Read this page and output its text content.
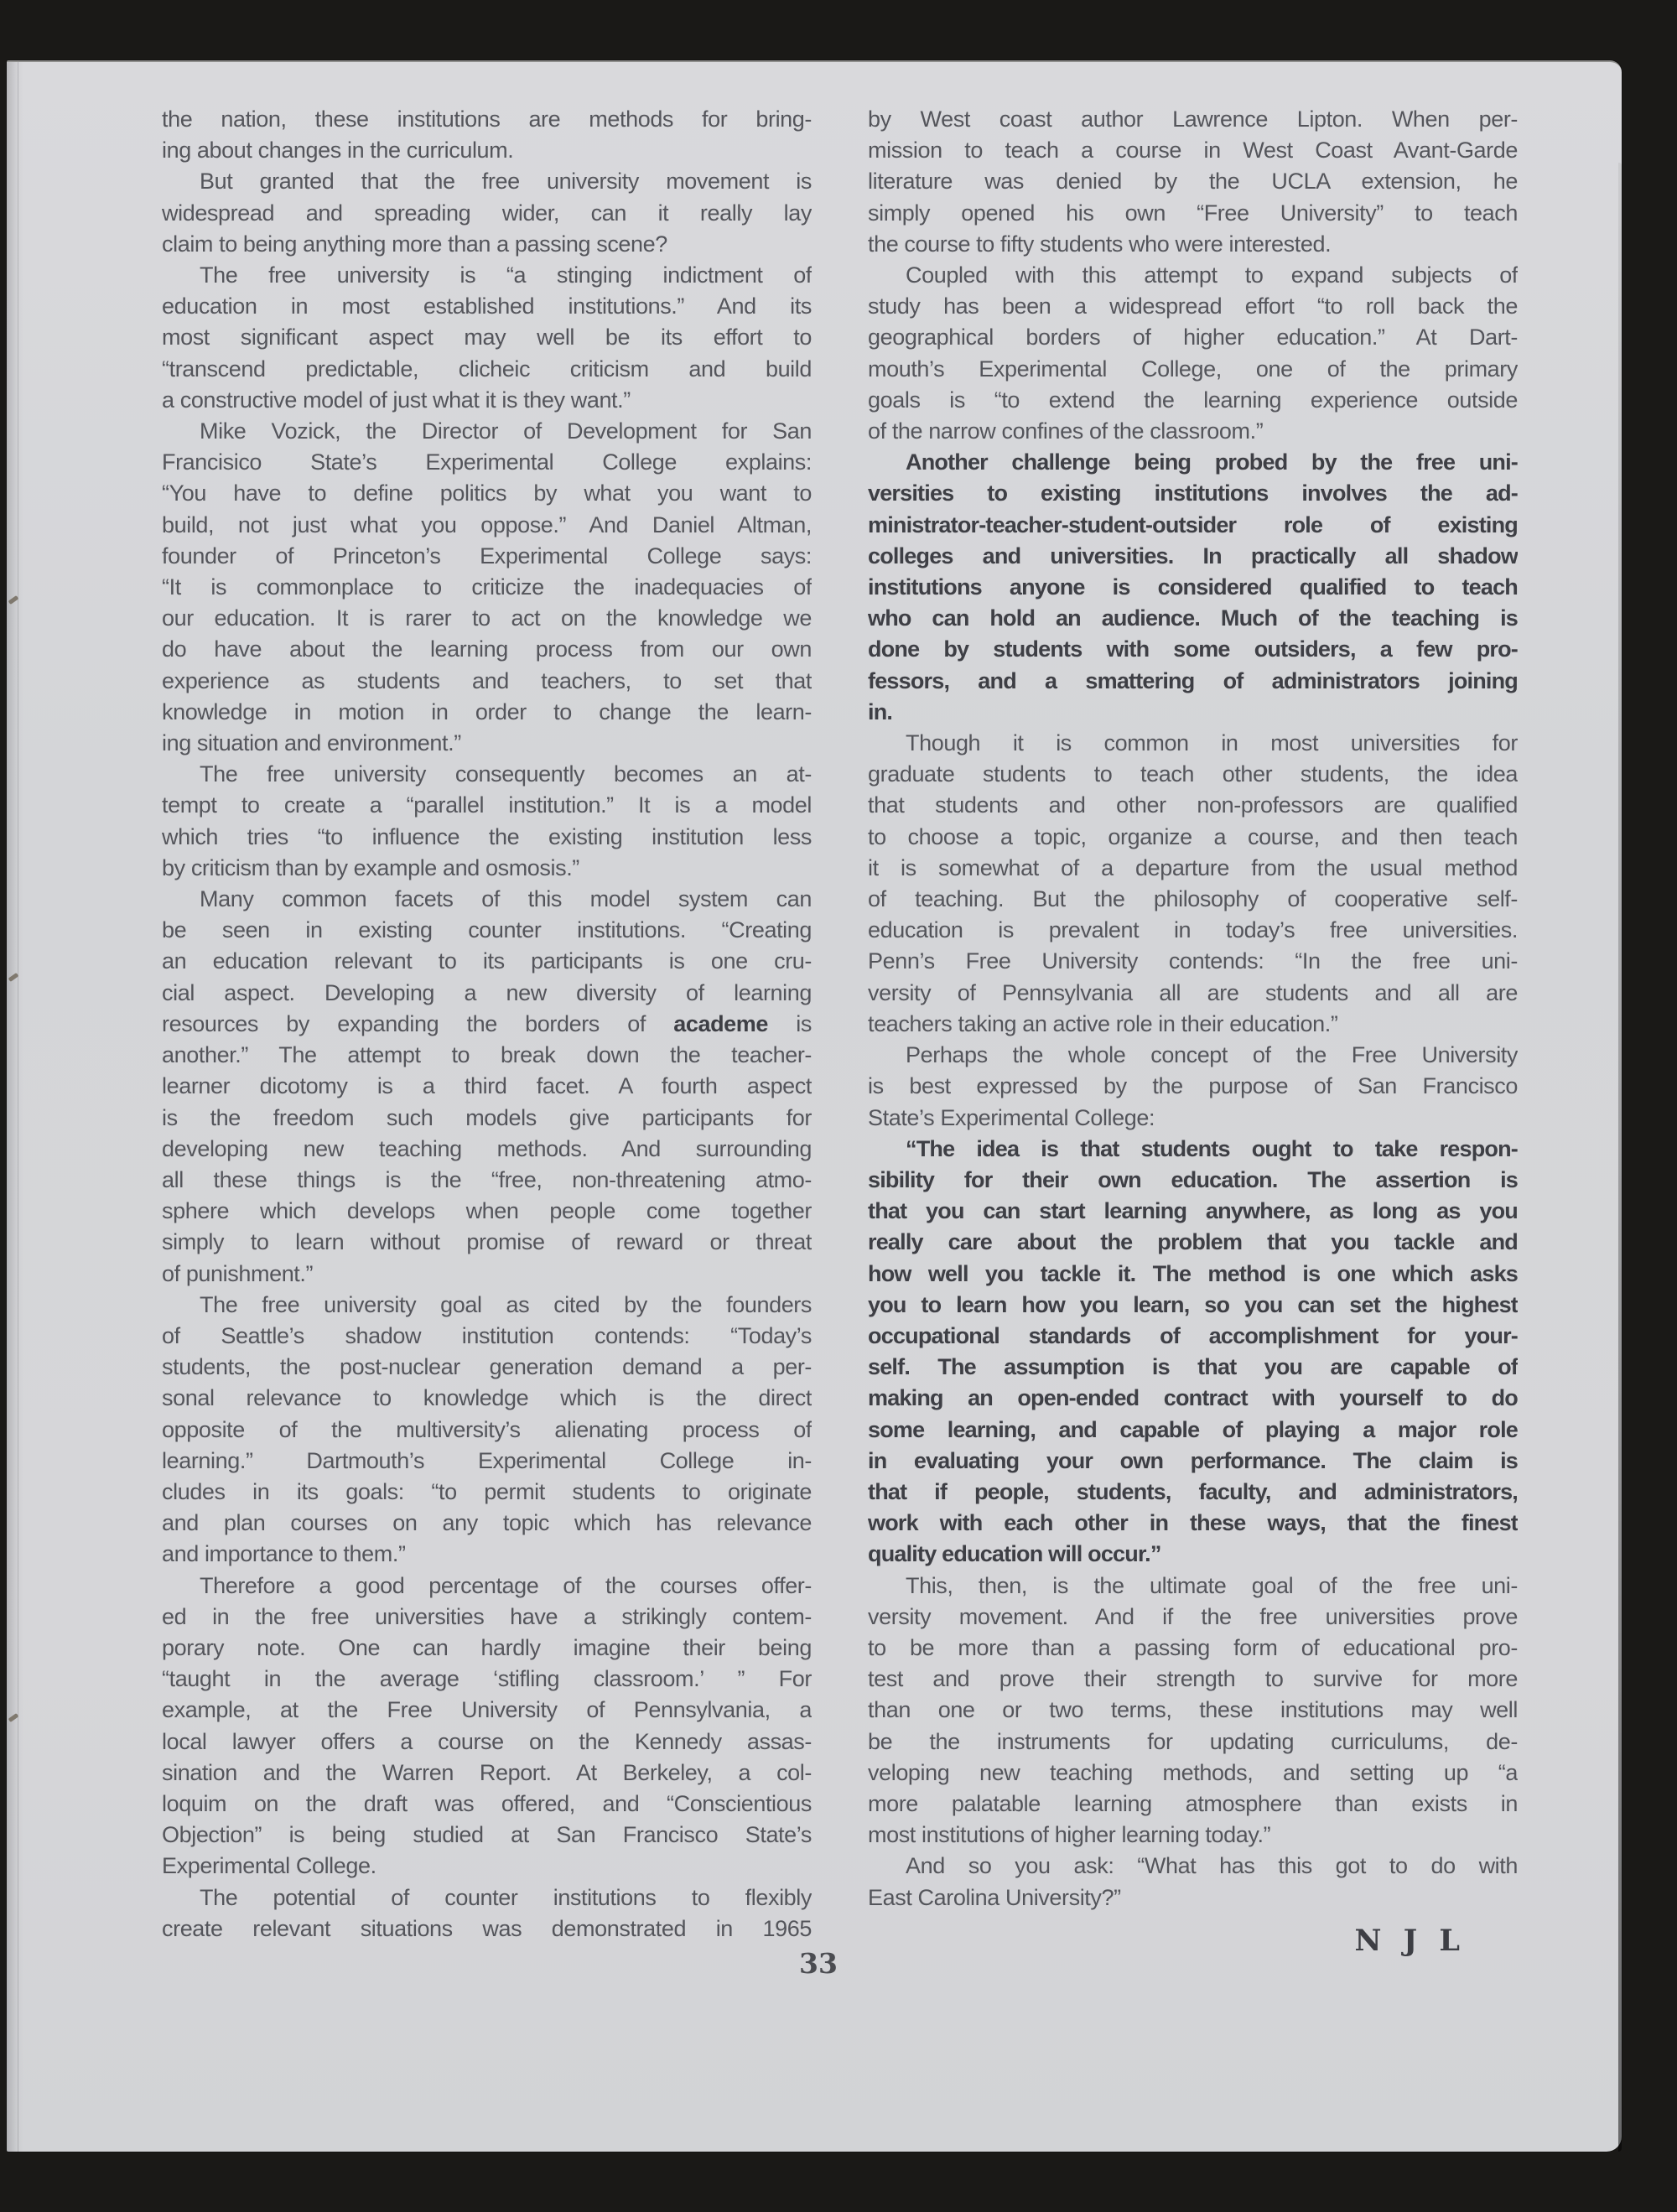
the nation, these institutions are methods for bring-
ing about changes in the curriculum.
But granted that the free university movement is
widespread and spreading wider, can it really lay
claim to being anything more than a passing scene?
The free university is “a stinging indictment of
education in most established institutions.” And its
most significant aspect may well be its effort to
“transcend predictable, clicheic criticism and build
a constructive model of just what it is they want.”
Mike Vozick, the Director of Development for San
Francisico State’s Experimental College explains:
“You have to define politics by what you want to
build, not just what you oppose.” And Daniel Altman,
founder of Princeton’s Experimental College says:
“It is commonplace to criticize the inadequacies of
our education. It is rarer to act on the knowledge we
do have about the learning process from our own
experience as students and teachers, to set that
knowledge in motion in order to change the learn-
ing situation and environment.”
The free university consequently becomes an at-
tempt to create a “parallel institution.” It is a model
which tries “to influence the existing institution less
by criticism than by example and osmosis.”
Many common facets of this model system can
be seen in existing counter institutions. “Creating
an education relevant to its participants is one cru-
cial aspect. Developing a new diversity of learning
resources by expanding the borders of academe is
another.” The attempt to break down the teacher-
learner dicotomy is a third facet. A fourth aspect
is the freedom such models give participants for
developing new teaching methods. And surrounding
all these things is the “free, non-threatening atmo-
sphere which develops when people come together
simply to learn without promise of reward or threat
of punishment.”
The free university goal as cited by the founders
of Seattle’s shadow institution contends: “Today’s
students, the post-nuclear generation demand a per-
sonal relevance to knowledge which is the direct
opposite of the multiversity’s alienating process of
learning.” Dartmouth’s Experimental College in-
cludes in its goals: “to permit students to originate
and plan courses on any topic which has relevance
and importance to them.”
Therefore a good percentage of the courses offer-
ed in the free universities have a strikingly contem-
porary note. One can hardly imagine their being
“taught in the average ‘stifling classroom.’ ” For
example, at the Free University of Pennsylvania, a
local lawyer offers a course on the Kennedy assas-
sination and the Warren Report. At Berkeley, a col-
loquim on the draft was offered, and “Conscientious
Objection” is being studied at San Francisco State’s
Experimental College.
The potential of counter institutions to flexibly
create relevant situations was demonstrated in 1965
by West coast author Lawrence Lipton. When per-
mission to teach a course in West Coast Avant-Garde
literature was denied by the UCLA extension, he
simply opened his own “Free University” to teach
the course to fifty students who were interested.
Coupled with this attempt to expand subjects of
study has been a widespread effort “to roll back the
geographical borders of higher education.” At Dart-
mouth’s Experimental College, one of the primary
goals is “to extend the learning experience outside
of the narrow confines of the classroom.”
Another challenge being probed by the free uni-
versities to existing institutions involves the ad-
ministrator-teacher-student-outsider role of existing
colleges and universities. In practically all shadow
institutions anyone is considered qualified to teach
who can hold an audience. Much of the teaching is
done by students with some outsiders, a few pro-
fessors, and a smattering of administrators joining
in.
Though it is common in most universities for
graduate students to teach other students, the idea
that students and other non-professors are qualified
to choose a topic, organize a course, and then teach
it is somewhat of a departure from the usual method
of teaching. But the philosophy of cooperative self-
education is prevalent in today’s free universities.
Penn’s Free University contends: “In the free uni-
versity of Pennsylvania all are students and all are
teachers taking an active role in their education.”
Perhaps the whole concept of the Free University
is best expressed by the purpose of San Francisco
State’s Experimental College:
“The idea is that students ought to take respon-
sibility for their own education. The assertion is
that you can start learning anywhere, as long as you
really care about the problem that you tackle and
how well you tackle it. The method is one which asks
you to learn how you learn, so you can set the highest
occupational standards of accomplishment for your-
self. The assumption is that you are capable of
making an open-ended contract with yourself to do
some learning, and capable of playing a major role
in evaluating your own performance. The claim is
that if people, students, faculty, and administrators,
work with each other in these ways, that the finest
quality education will occur.”
This, then, is the ultimate goal of the free uni-
versity movement. And if the free universities prove
to be more than a passing form of educational pro-
test and prove their strength to survive for more
than one or two terms, these institutions may well
be the instruments for updating curriculums, de-
veloping new teaching methods, and setting up “a
more palatable learning atmosphere than exists in
most institutions of higher learning today.”
And so you ask: “What has this got to do with
East Carolina University?”
N J L
33
